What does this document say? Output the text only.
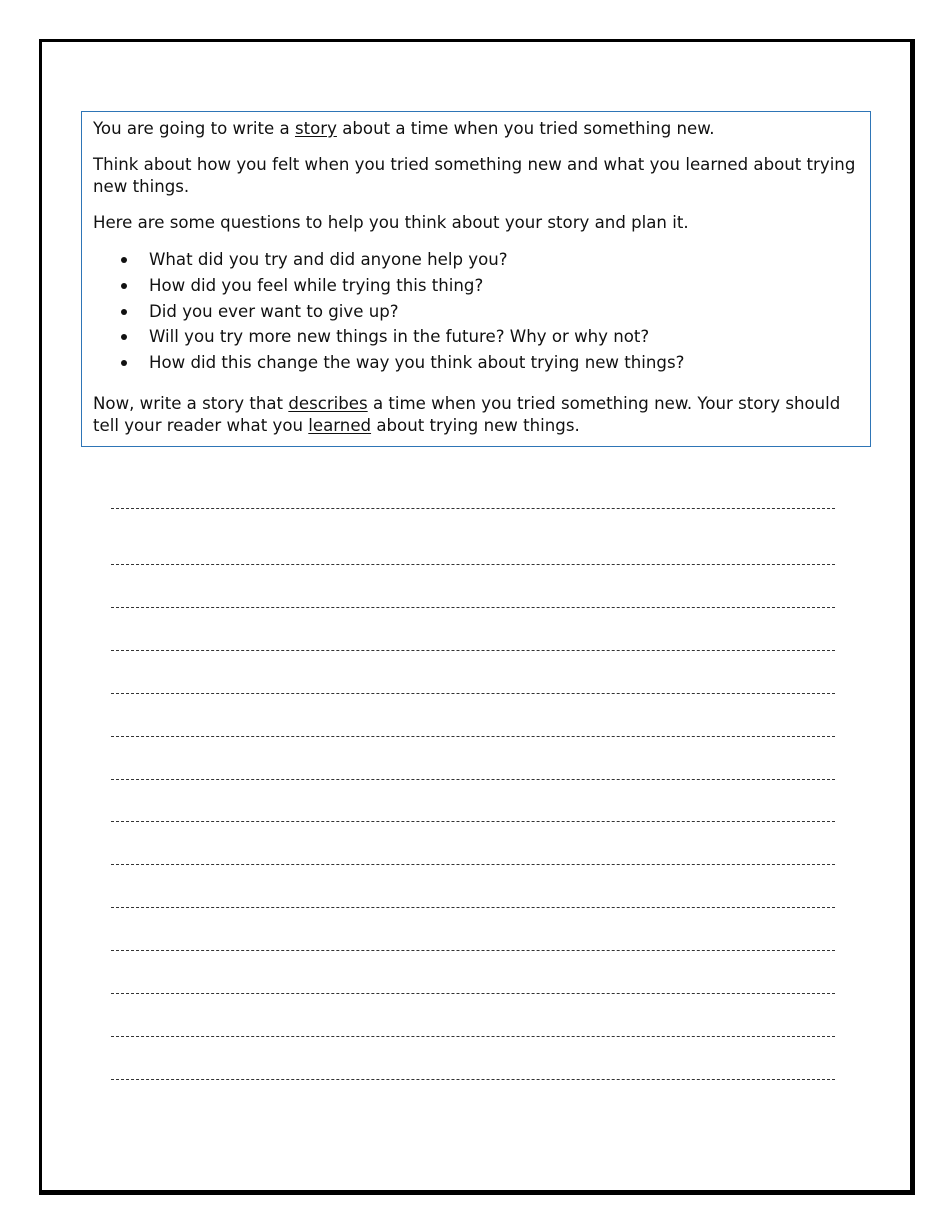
You are going to write a story about a time when you tried something new.

Think about how you felt when you tried something new and what you learned about trying new things.

Here are some questions to help you think about your story and plan it.

What did you try and did anyone help you?
How did you feel while trying this thing?
Did you ever want to give up?
Will you try more new things in the future? Why or why not?
How did this change the way you think about trying new things?

Now, write a story that describes a time when you tried something new. Your story should tell your reader what you learned about trying new things.
